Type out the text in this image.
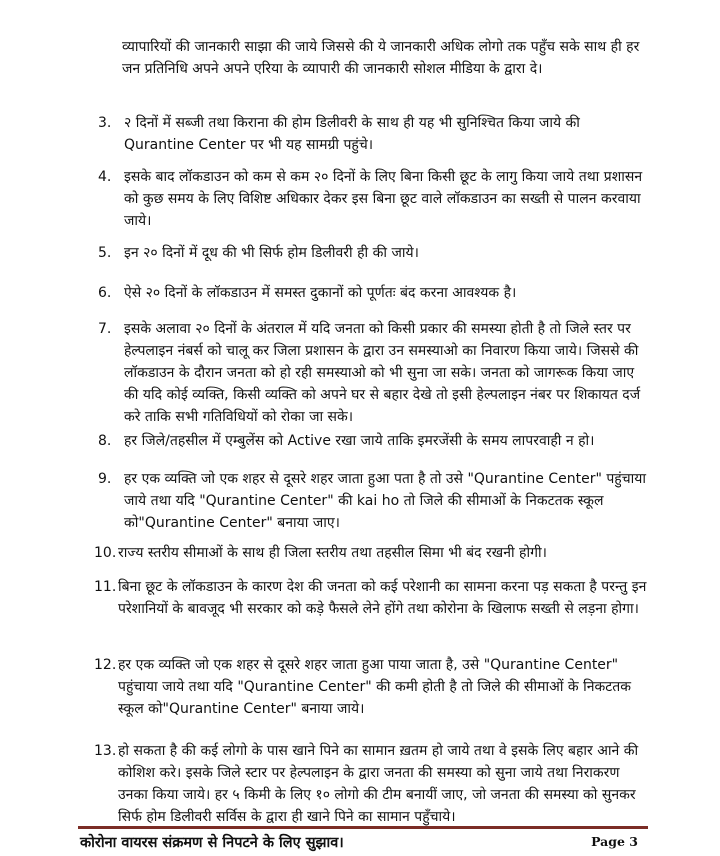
व्यापारियों की जानकारी साझा की जाये जिससे की ये जानकारी अधिक लोगो तक पहुँच सके साथ ही हर जन प्रतिनिधि अपने अपने एरिया के व्यापारी की जानकारी सोशल मीडिया के द्वारा दे।

3. २ दिनों में सब्जी तथा किराना की होम डिलीवरी के साथ ही यह भी सुनिश्चित किया जाये की Qurantine Center पर भी यह सामग्री पहुंचे।
4. इसके बाद लॉकडाउन को कम से कम २० दिनों के लिए बिना किसी छूट के लागु किया जाये तथा प्रशासन को कुछ समय के लिए विशिष्ट अधिकार देकर इस बिना छूट वाले लॉकडाउन का सख्ती से पालन करवाया जाये।
5. इन २० दिनों में दूध की भी सिर्फ होम डिलीवरी ही की जाये।
6. ऐसे २० दिनों के लॉकडाउन में समस्त दुकानों को पूर्णतः बंद करना आवश्यक है।
7. इसके अलावा २० दिनों के अंतराल में यदि जनता को किसी प्रकार की समस्या होती है तो जिले स्तर पर हेल्पलाइन नंबर्स को चालू कर जिला प्रशासन के द्वारा उन समस्याओ का निवारण किया जाये। जिससे की लॉकडाउन के दौरान जनता को हो रही समस्याओ को भी सुना जा सके। जनता को जागरूक किया जाए की यदि कोई व्यक्ति, किसी व्यक्ति को अपने घर से बहार देखे तो इसी हेल्पलाइन नंबर पर शिकायत दर्ज करे ताकि सभी गतिविधियों को रोका जा सके।
8. हर जिले/तहसील में एम्बुलेंस को Active रखा जाये ताकि इमरजेंसी के समय लापरवाही न हो।
9. हर एक व्यक्ति जो एक शहर से दूसरे शहर जाता हुआ पता है तो उसे "Qurantine Center" पहुंचाया जाये तथा यदि "Qurantine Center" की kai ho तो जिले की सीमाओं के निकटतक स्कूल को"Qurantine Center" बनाया जाए।
10. राज्य स्तरीय सीमाओं के साथ ही जिला स्तरीय तथा तहसील सिमा भी बंद रखनी होगी।
11. बिना छूट के लॉकडाउन के कारण देश की जनता को कई परेशानी का सामना करना पड़ सकता है परन्तु इन परेशानियों के बावजूद भी सरकार को कड़े फैसले लेने होंगे तथा कोरोना के खिलाफ सख्ती से लड़ना होगा।
12. हर एक व्यक्ति जो एक शहर से दूसरे शहर जाता हुआ पाया जाता है, उसे "Qurantine Center" पहुंचाया जाये तथा यदि "Qurantine Center" की कमी होती है तो जिले की सीमाओं के निकटतक स्कूल को"Qurantine Center" बनाया जाये।
13. हो सकता है की कई लोगो के पास खाने पिने का सामान ख़तम हो जाये तथा वे इसके लिए बहार आने की कोशिश करे। इसके जिले स्टार पर हेल्पलाइन के द्वारा जनता की समस्या को सुना जाये तथा निराकरण उनका किया जाये। हर ५ किमी के लिए १० लोगो की टीम बनायीं जाए, जो जनता की समस्या को सुनकर सिर्फ होम डिलीवरी सर्विस के द्वारा ही खाने पिने का सामान पहुँचाये।
कोरोना वायरस संक्रमण से निपटने के लिए सुझाव।	Page 3
